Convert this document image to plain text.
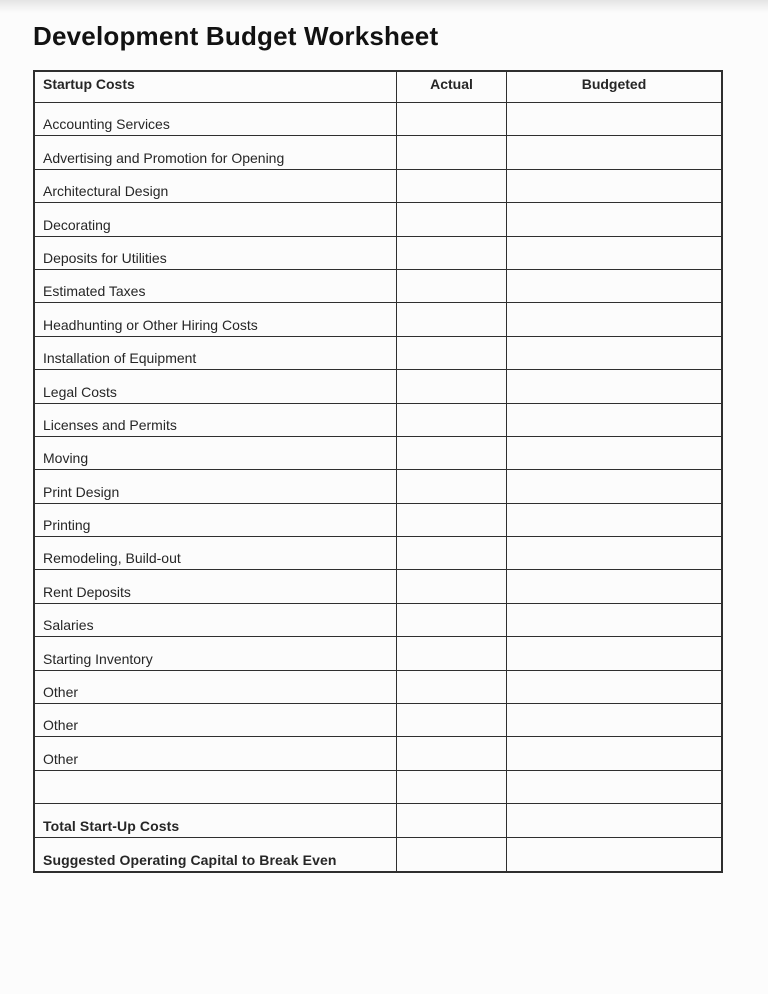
Development Budget Worksheet
Startup Costs	Actual	Budgeted
Accounting Services
Advertising and Promotion for Opening
Architectural Design
Decorating
Deposits for Utilities
Estimated Taxes
Headhunting or Other Hiring Costs
Installation of Equipment
Legal Costs
Licenses and Permits
Moving
Print Design
Printing
Remodeling, Build-out
Rent Deposits
Salaries
Starting Inventory
Other
Other
Other
Total Start-Up Costs
Suggested Operating Capital to Break Even
